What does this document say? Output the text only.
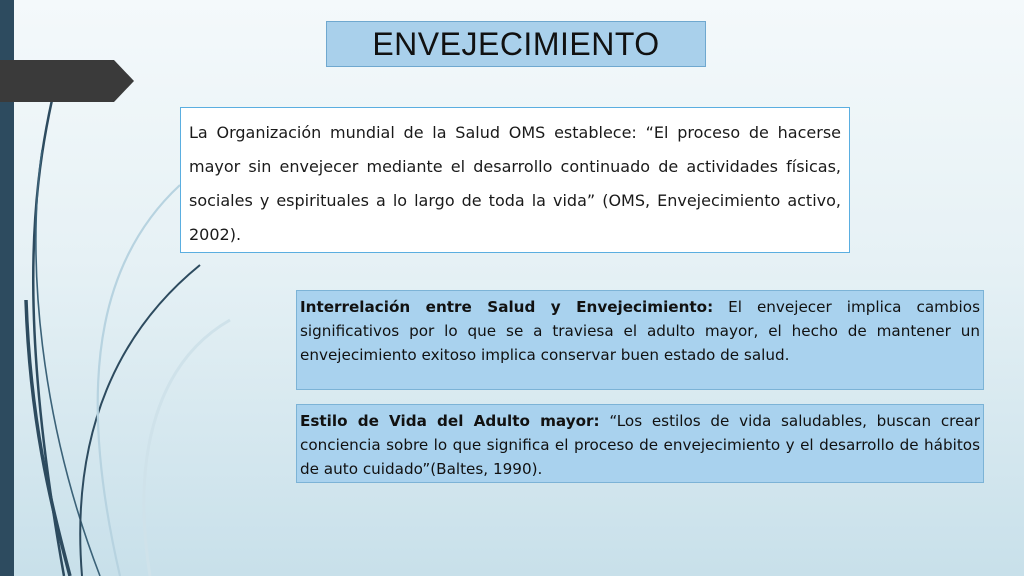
ENVEJECIMIENTO

La Organización mundial de la Salud OMS establece: “El proceso de hacerse mayor sin envejecer mediante el desarrollo continuado de actividades físicas, sociales y espirituales a lo largo de toda la vida” (OMS, Envejecimiento activo, 2002).

Interrelación entre Salud y Envejecimiento: El envejecer implica cambios significativos por lo que se a traviesa el adulto mayor, el hecho de mantener un envejecimiento exitoso implica conservar buen estado de salud.

Estilo de Vida del Adulto mayor: “Los estilos de vida saludables, buscan crear conciencia sobre lo que significa el proceso de envejecimiento y el desarrollo de hábitos de auto cuidado”(Baltes, 1990).
